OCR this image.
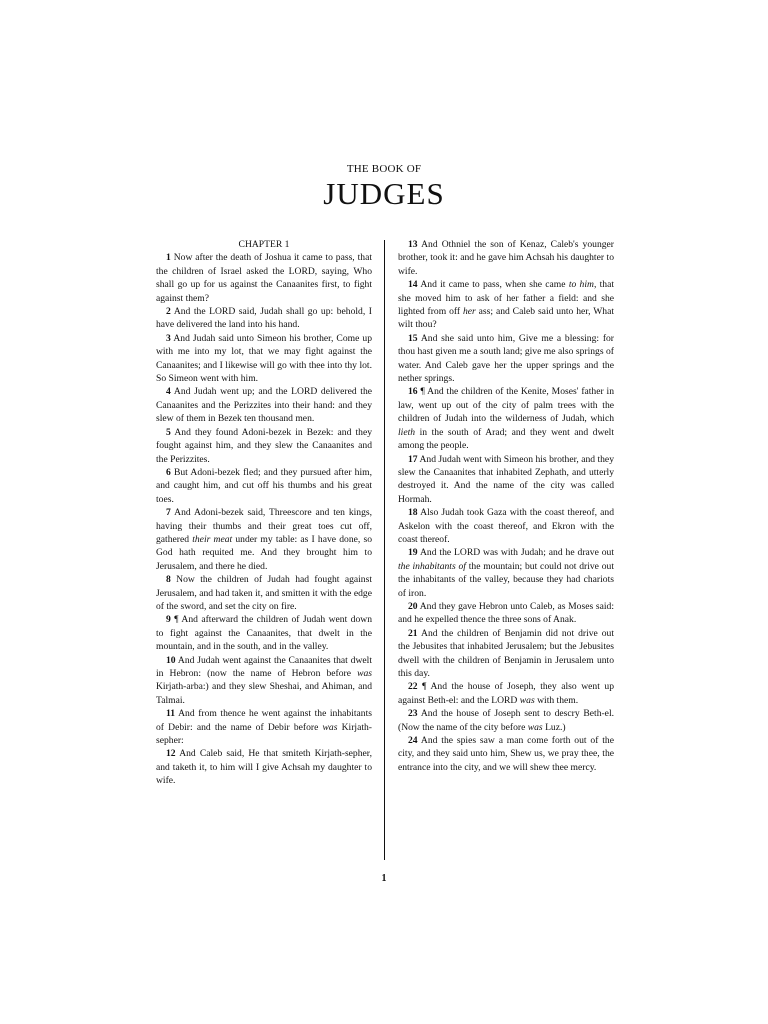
THE BOOK OF
JUDGES

CHAPTER 1

1 Now after the death of Joshua it came to pass, that the children of Israel asked the LORD, saying, Who shall go up for us against the Canaanites first, to fight against them?

2 And the LORD said, Judah shall go up: behold, I have delivered the land into his hand.

3 And Judah said unto Simeon his brother, Come up with me into my lot, that we may fight against the Canaanites; and I likewise will go with thee into thy lot. So Simeon went with him.

4 And Judah went up; and the LORD delivered the Canaanites and the Perizzites into their hand: and they slew of them in Bezek ten thousand men.

5 And they found Adoni-bezek in Bezek: and they fought against him, and they slew the Canaanites and the Perizzites.

6 But Adoni-bezek fled; and they pursued after him, and caught him, and cut off his thumbs and his great toes.

7 And Adoni-bezek said, Threescore and ten kings, having their thumbs and their great toes cut off, gathered their meat under my table: as I have done, so God hath requited me. And they brought him to Jerusalem, and there he died.

8 Now the children of Judah had fought against Jerusalem, and had taken it, and smitten it with the edge of the sword, and set the city on fire.

9 ¶ And afterward the children of Judah went down to fight against the Canaanites, that dwelt in the mountain, and in the south, and in the valley.

10 And Judah went against the Canaanites that dwelt in Hebron: (now the name of Hebron before was Kirjath-arba:) and they slew Sheshai, and Ahiman, and Talmai.

11 And from thence he went against the inhabitants of Debir: and the name of Debir before was Kirjath-sepher:

12 And Caleb said, He that smiteth Kirjath-sepher, and taketh it, to him will I give Achsah my daughter to wife.

13 And Othniel the son of Kenaz, Caleb's younger brother, took it: and he gave him Achsah his daughter to wife.

14 And it came to pass, when she came to him, that she moved him to ask of her father a field: and she lighted from off her ass; and Caleb said unto her, What wilt thou?

15 And she said unto him, Give me a blessing: for thou hast given me a south land; give me also springs of water. And Caleb gave her the upper springs and the nether springs.

16 ¶ And the children of the Kenite, Moses' father in law, went up out of the city of palm trees with the children of Judah into the wilderness of Judah, which lieth in the south of Arad; and they went and dwelt among the people.

17 And Judah went with Simeon his brother, and they slew the Canaanites that inhabited Zephath, and utterly destroyed it. And the name of the city was called Hormah.

18 Also Judah took Gaza with the coast thereof, and Askelon with the coast thereof, and Ekron with the coast thereof.

19 And the LORD was with Judah; and he drave out the inhabitants of the mountain; but could not drive out the inhabitants of the valley, because they had chariots of iron.

20 And they gave Hebron unto Caleb, as Moses said: and he expelled thence the three sons of Anak.

21 And the children of Benjamin did not drive out the Jebusites that inhabited Jerusalem; but the Jebusites dwell with the children of Benjamin in Jerusalem unto this day.

22 ¶ And the house of Joseph, they also went up against Beth-el: and the LORD was with them.

23 And the house of Joseph sent to descry Beth-el. (Now the name of the city before was Luz.)

24 And the spies saw a man come forth out of the city, and they said unto him, Shew us, we pray thee, the entrance into the city, and we will shew thee mercy.

1
